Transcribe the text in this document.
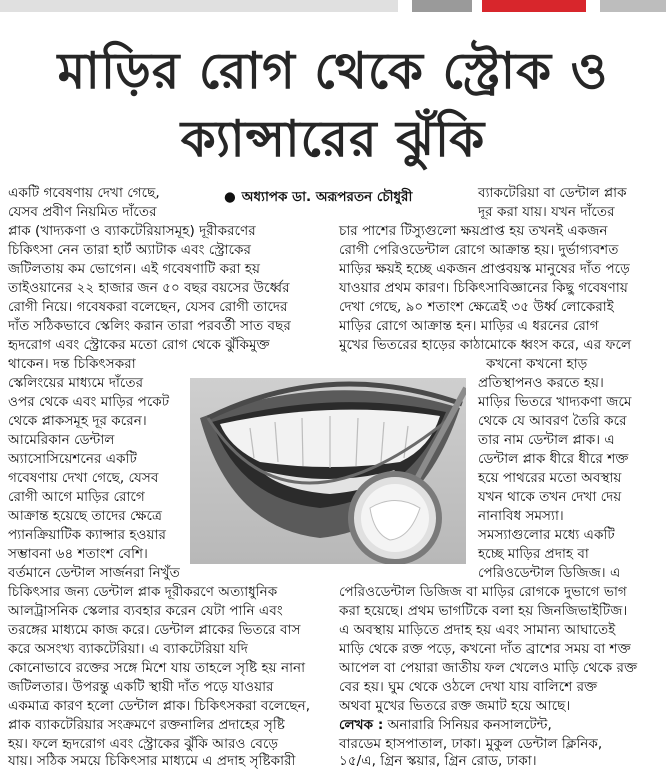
মাড়ির রোগ থেকে স্ট্রোক ও
ক্যান্সারের ঝুঁকি
● অধ্যাপক ডা. অরূপরতন চৌধুরী
একটি গবেষণায় দেখা গেছে,
যেসব প্রবীণ নিয়মিত দাঁতের
প্লাক (খাদ্যকণা ও ব্যাকটেরিয়াসমূহ) দূরীকরণের
চিকিৎসা নেন তারা হার্ট অ্যাটাক এবং স্ট্রোকের
জটিলতায় কম ভোগেন। এই গবেষণাটি করা হয়
তাইওয়ানের ২২ হাজার জন ৫০ বছর বয়সের উর্ধ্বের
রোগী নিয়ে। গবেষকরা বলেছেন, যেসব রোগী তাদের
দাঁত সঠিকভাবে স্কেলিং করান তারা পরবর্তী সাত বছর
হৃদরোগ এবং স্ট্রোকের মতো রোগ থেকে ঝুঁকিমুক্ত
থাকেন। দন্ত চিকিৎসকরা
স্কেলিংয়ের মাধ্যমে দাঁতের
ওপর থেকে এবং মাড়ির পকেট
থেকে প্লাকসমূহ দূর করেন।
আমেরিকান ডেন্টাল
অ্যাসোসিয়েশনের একটি
গবেষণায় দেখা গেছে, যেসব
রোগী আগে মাড়ির রোগে
আক্রান্ত হয়েছে তাদের ক্ষেত্রে
প্যানক্রিয়াটিক ক্যান্সার হওয়ার
সম্ভাবনা ৬৪ শতাংশ বেশি।
বর্তমানে ডেন্টাল সার্জনরা নিখুঁত
চিকিৎসার জন্য ডেন্টাল প্লাক দূরীকরণে অত্যাধুনিক
আলট্রাসনিক স্কেলার ব্যবহার করেন যেটা পানি এবং
তরঙ্গের মাধ্যমে কাজ করে। ডেন্টাল প্লাকের ভিতরে বাস
করে অসংখ্য ব্যাকটেরিয়া। এ ব্যাকটেরিয়া যদি
কোনোভাবে রক্তের সঙ্গে মিশে যায় তাহলে সৃষ্টি হয় নানা
জটিলতার। উপরন্তু একটি স্থায়ী দাঁত পড়ে যাওয়ার
একমাত্র কারণ হলো ডেন্টাল প্লাক। চিকিৎসকরা বলেছেন,
প্লাক ব্যাকটেরিয়ার সংক্রমণে রক্তনালির প্রদাহের সৃষ্টি
হয়। ফলে হৃদরোগ এবং স্ট্রোকের ঝুঁকি আরও বেড়ে
যায়। সঠিক সময়ে চিকিৎসার মাধ্যমে এ প্রদাহ সৃষ্টিকারী
ব্যাকটেরিয়া বা ডেন্টাল প্লাক
দূর করা যায়। যখন দাঁতের
চার পাশের টিস্যুগুলো ক্ষয়প্রাপ্ত হয় তখনই একজন
রোগী পেরিওডেন্টাল রোগে আক্রান্ত হয়। দুর্ভাগ্যবশত
মাড়ির ক্ষয়ই হচ্ছে একজন প্রাপ্তবয়স্ক মানুষের দাঁত পড়ে
যাওয়ার প্রথম কারণ। চিকিৎসাবিজ্ঞানের কিছু গবেষণায়
দেখা গেছে, ৯০ শতাংশ ক্ষেত্রেই ৩৫ উর্ধ্ব লোকেরাই
মাড়ির রোগে আক্রান্ত হন। মাড়ির এ ধরনের রোগ
মুখের ভিতরের হাড়ের কাঠামোকে ধ্বংস করে, এর ফলে
কখনো কখনো হাড়
প্রতিস্থাপনও করতে হয়।
মাড়ির ভিতরে খাদ্যকণা জমে
থেকে যে আবরণ তৈরি করে
তার নাম ডেন্টাল প্লাক। এ
ডেন্টাল প্লাক ধীরে ধীরে শক্ত
হয়ে পাথরের মতো অবস্থায়
যখন থাকে তখন দেখা দেয়
নানাবিধ সমস্যা।
সমস্যাগুলোর মধ্যে একটি
হচ্ছে মাড়ির প্রদাহ বা
পেরিওডেন্টাল ডিজিজ। এ
পেরিওডেন্টাল ডিজিজ বা মাড়ির রোগকে দুভাগে ভাগ
করা হয়েছে। প্রথম ভাগটিকে বলা হয় জিনজিভাইটিজ।
এ অবস্থায় মাড়িতে প্রদাহ হয় এবং সামান্য আঘাতেই
মাড়ি থেকে রক্ত পড়ে, কখনো দাঁত ব্রাশের সময় বা শক্ত
আপেল বা পেয়ারা জাতীয় ফল খেলেও মাড়ি থেকে রক্ত
বের হয়। ঘুম থেকে ওঠলে দেখা যায় বালিশে রক্ত
অথবা মুখের ভিতরে রক্ত জমাট হয়ে আছে।
লেখক : অনারারি সিনিয়র কনসালটেন্ট,
বারডেম হাসপাতাল, ঢাকা। মুকুল ডেন্টাল ক্লিনিক,
১৫/এ, গ্রিন স্কয়ার, গ্রিন রোড, ঢাকা।
